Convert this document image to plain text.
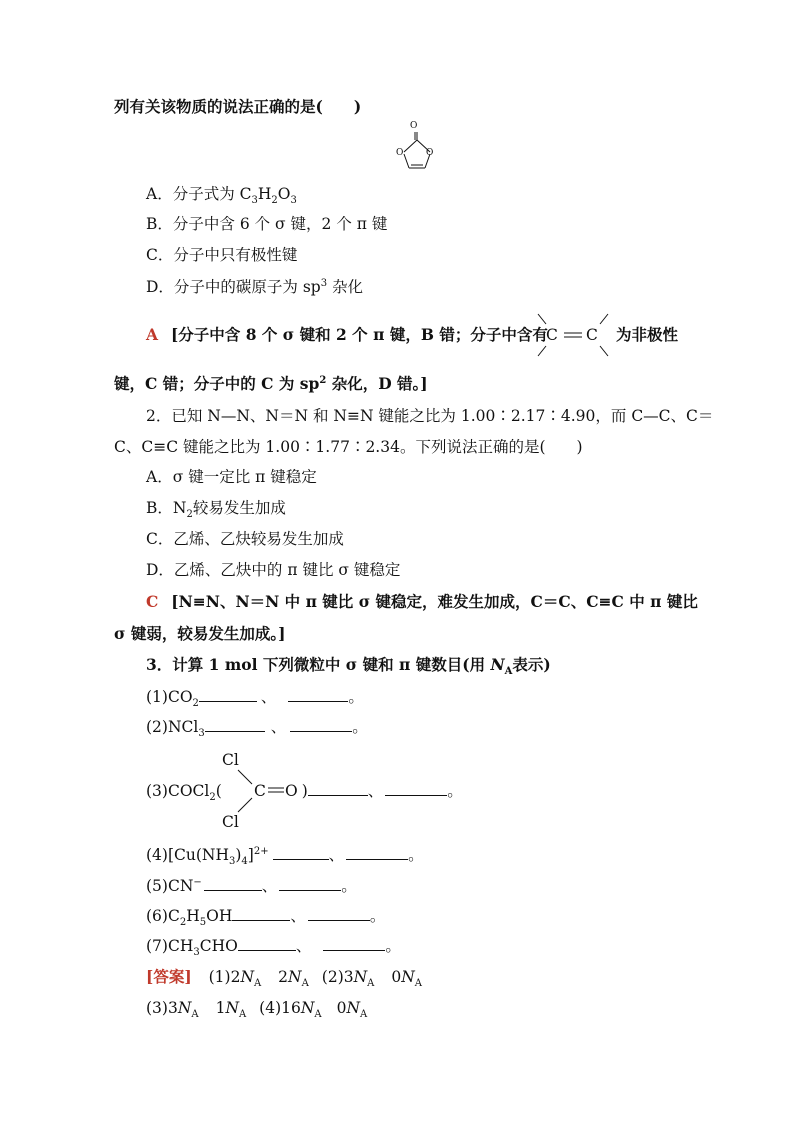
列有关该物质的说法正确的是(　　)
O
O	O
A．分子式为 $C_3H_2O_3$
B．分子中含 6 个 σ 键，2 个 π 键
C．分子中只有极性键
D．分子中的碳原子为 $sp^3$ 杂化
A [分子中含 8 个 σ 键和 2 个 π 键，B 错；分子中含有
C C 为非极性
键，C 错；分子中的 C 为 $sp^2$ 杂化，D 错。]
2．已知 N—N、N＝N 和 N≡N 键能之比为 1.00∶2.17∶4.90，而 C—C、C＝
C、C≡C 键能之比为 1.00∶1.77∶2.34。下列说法正确的是(　　)
A．σ 键一定比 π 键稳定
B．$N_2$较易发生加成
C．乙烯、乙炔较易发生加成
D．乙烯、乙炔中的 π 键比 σ 键稳定
C [N≡N、N＝N 中 π 键比 σ 键稳定，难发生加成，C＝C、C≡C 中 π 键比
σ 键弱，较易发生加成。]
3．计算 1 mol 下列微粒中 σ 键和 π 键数目(用 $N_A$表示)
$(1)CO_2$	、	。
(2)NCl$_3$	、	。
Cl
Cl
(3)COCl$_2$( C O )	、	。
$(4)[Cu(NH_3)_4]^{2+}$	、	。
(5)CN−	、	。
$(6)C_2H_5OH$	、	。
$(7)CH_3CHO$	、	。
[答案] $(1)2N_A$ $2N_A$ $(2)3N_A$ $0N_A$
$(3)3N_A$ $1N_A$ $(4)16N_A$ $0N_A$
